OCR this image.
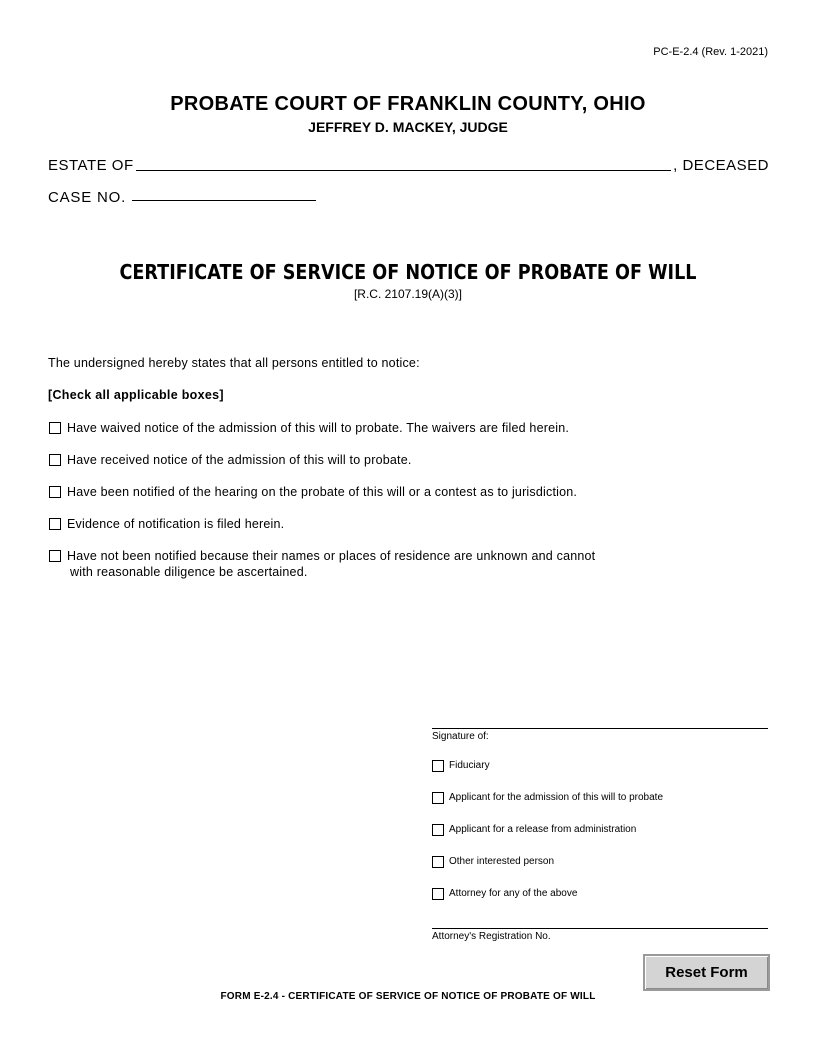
PC-E-2.4 (Rev. 1-2021)
PROBATE COURT OF FRANKLIN COUNTY, OHIO
JEFFREY D. MACKEY, JUDGE
ESTATE OF	, DECEASED
CASE NO.
CERTIFICATE OF SERVICE OF NOTICE OF PROBATE OF WILL
[R.C. 2107.19(A)(3)]
The undersigned hereby states that all persons entitled to notice:
[Check all applicable boxes]
Have waived notice of the admission of this will to probate. The waivers are filed herein.
Have received notice of the admission of this will to probate.
Have been notified of the hearing on the probate of this will or a contest as to jurisdiction.
Evidence of notification is filed herein.
Have not been notified because their names or places of residence are unknown and cannot
with reasonable diligence be ascertained.
Signature of:
Fiduciary
Applicant for the admission of this will to probate
Applicant for a release from administration
Other interested person
Attorney for any of the above
Attorney's Registration No.
Reset Form
FORM E-2.4 - CERTIFICATE OF SERVICE OF NOTICE OF PROBATE OF WILL
